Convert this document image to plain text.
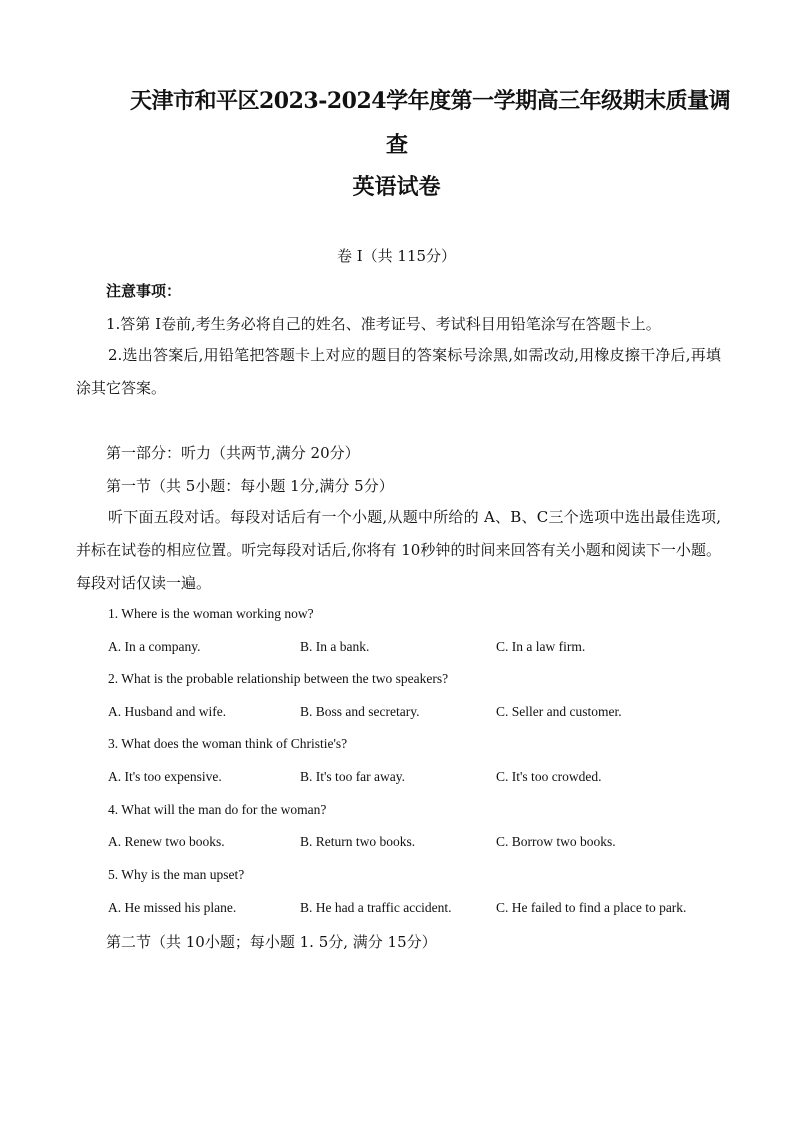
天津市和平区2023-2024学年度第一学期高三年级期末质量调
查
英语试卷
卷 I（共 115分）
注意事项：
1.答第 I卷前,考生务必将自己的姓名、准考证号、考试科目用铅笔涂写在答题卡上。
2.选出答案后,用铅笔把答题卡上对应的题目的答案标号涂黑,如需改动,用橡皮擦干净后,再填涂其它答案。
第一部分：听力（共两节,满分 20分）
第一节（共 5小题：每小题 1分,满分 5分）
听下面五段对话。每段对话后有一个小题,从题中所给的 A、B、C三个选项中选出最佳选项,并标在试卷的相应位置。听完每段对话后,你将有 10秒钟的时间来回答有关小题和阅读下一小题。每段对话仅读一遍。
1. Where is the woman working now?
A. In a company.	B. In a bank.	C. In a law firm.
2. What is the probable relationship between the two speakers?
A. Husband and wife.	B. Boss and secretary.	C. Seller and customer.
3. What does the woman think of Christie's?
A. It's too expensive.	B. It's too far away.	C. It's too crowded.
4. What will the man do for the woman?
A. Renew two books.	B. Return two books.	C. Borrow two books.
5. Why is the man upset?
A. He missed his plane.	B. He had a traffic accident.	C. He failed to find a place to park.
第二节（共 10小题；每小题 1. 5分, 满分 15分）
